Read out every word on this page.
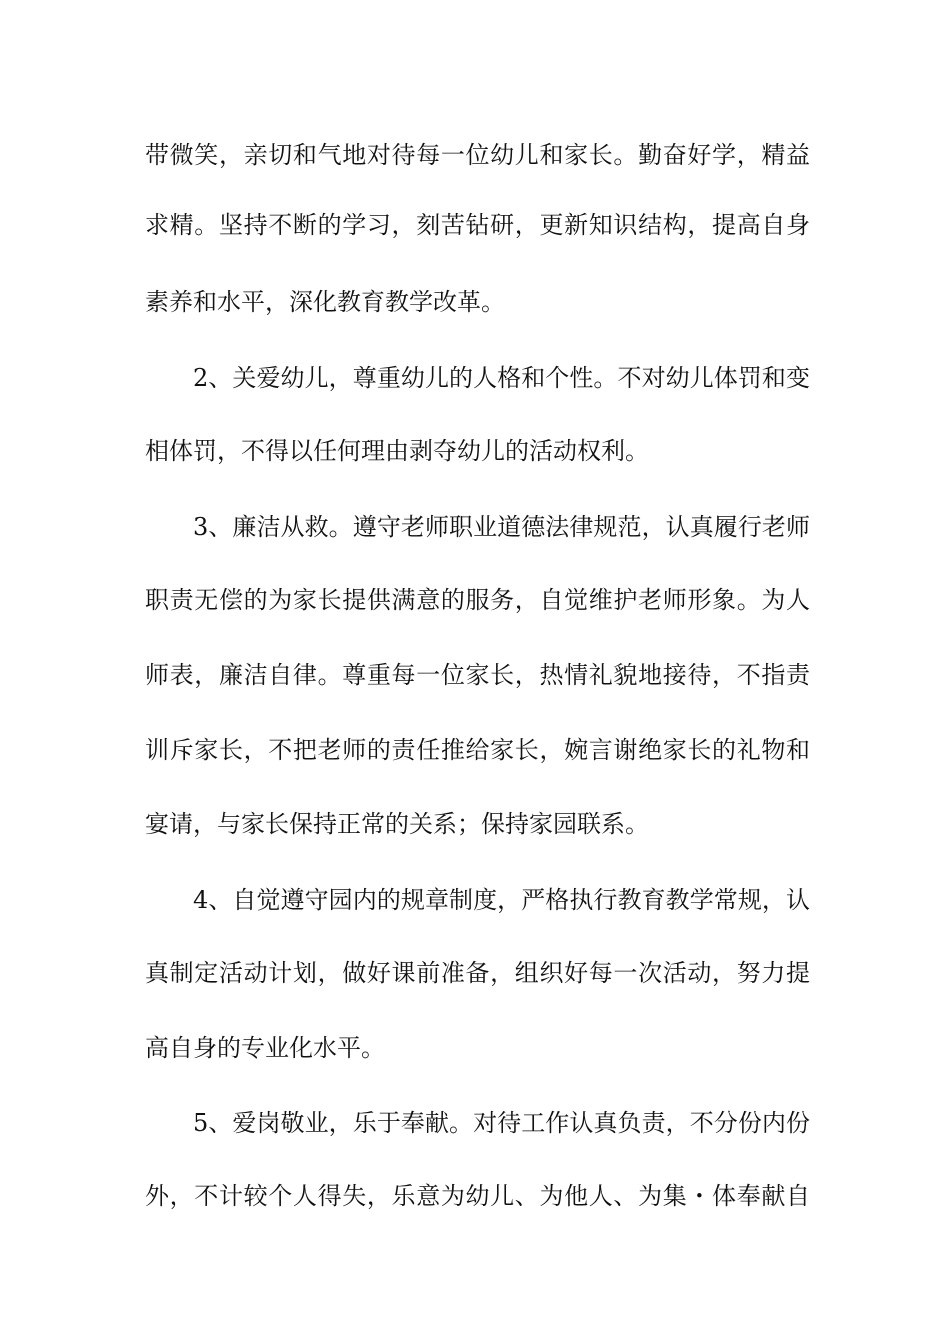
带微笑，亲切和气地对待每一位幼儿和家长。勤奋好学，精益
求精。坚持不断的学习，刻苦钻研，更新知识结构，提高自身
素养和水平，深化教育教学改革。
2、关爱幼儿，尊重幼儿的人格和个性。不对幼儿体罚和变
相体罚，不得以任何理由剥夺幼儿的活动权利。
3、廉洁从救。遵守老师职业道德法律规范，认真履行老师
职责无偿的为家长提供满意的服务，自觉维护老师形象。为人
师表，廉洁自律。尊重每一位家长，热情礼貌地接待，不指责
训斥家长，不把老师的责任推给家长，婉言谢绝家长的礼物和
宴请，与家长保持正常的关系；保持家园联系。
4、自觉遵守园内的规章制度，严格执行教育教学常规，认
真制定活动计划，做好课前准备，组织好每一次活动，努力提
高自身的专业化水平。
5、爱岗敬业，乐于奉献。对待工作认真负责，不分份内份
外，不计较个人得失，乐意为幼儿、为他人、为集・体奉献自
